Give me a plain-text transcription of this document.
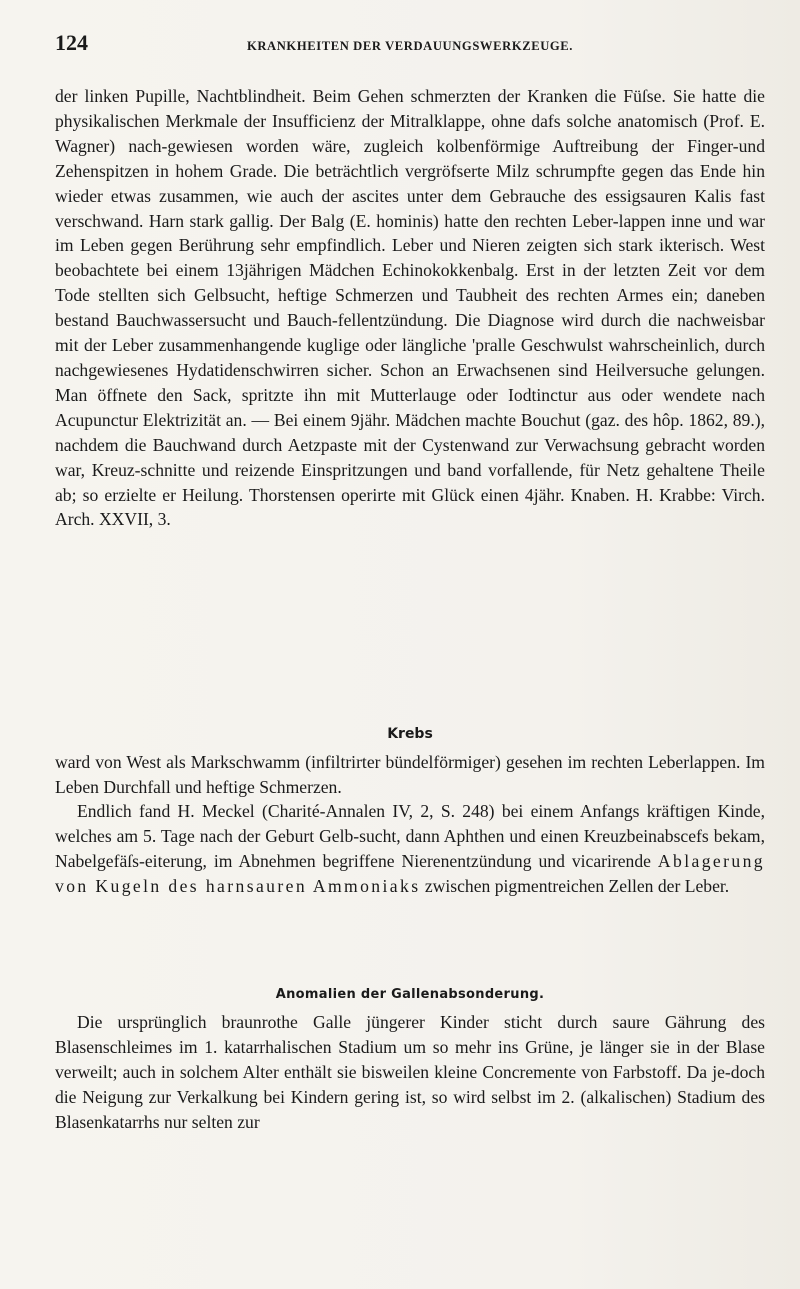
124	KRANKHEITEN DER VERDAUUNGSWERKZEUGE.

der linken Pupille, Nachtblindheit. Beim Gehen schmerzten der Kranken die Füſse. Sie hatte die physikalischen Merkmale der Insufficienz der Mitralklappe, ohne dafs solche anatomisch (Prof. E. Wagner) nach-gewiesen worden wäre, zugleich kolbenförmige Auftreibung der Finger-und Zehenspitzen in hohem Grade. Die beträchtlich vergröfserte Milz schrumpfte gegen das Ende hin wieder etwas zusammen, wie auch der ascites unter dem Gebrauche des essigsauren Kalis fast verschwand. Harn stark gallig. Der Balg (E. hominis) hatte den rechten Leber-lappen inne und war im Leben gegen Berührung sehr empfindlich. Leber und Nieren zeigten sich stark ikterisch. West beobachtete bei einem 13jährigen Mädchen Echinokokkenbalg. Erst in der letzten Zeit vor dem Tode stellten sich Gelbsucht, heftige Schmerzen und Taubheit des rechten Armes ein; daneben bestand Bauchwassersucht und Bauch-fellentzündung. Die Diagnose wird durch die nachweisbar mit der Leber zusammenhangende kuglige oder längliche 'pralle Geschwulst wahrscheinlich, durch nachgewiesenes Hydatidenschwirren sicher. Schon an Erwachsenen sind Heilversuche gelungen. Man öffnete den Sack, spritzte ihn mit Mutterlauge oder Iodtinctur aus oder wendete nach Acupunctur Elektrizität an. — Bei einem 9jähr. Mädchen machte Bouchut (gaz. des hôp. 1862, 89.), nachdem die Bauchwand durch Aetzpaste mit der Cystenwand zur Verwachsung gebracht worden war, Kreuz-schnitte und reizende Einspritzungen und band vorfallende, für Netz gehaltene Theile ab; so erzielte er Heilung. Thorstensen operirte mit Glück einen 4jähr. Knaben. H. Krabbe: Virch. Arch. XXVII, 3.

Krebs

ward von West als Markschwamm (infiltrirter bündelförmiger) gesehen im rechten Leberlappen. Im Leben Durchfall und heftige Schmerzen.

Endlich fand H. Meckel (Charité-Annalen IV, 2, S. 248) bei einem Anfangs kräftigen Kinde, welches am 5. Tage nach der Geburt Gelb-sucht, dann Aphthen und einen Kreuzbeinabscefs bekam, Nabelgefäſs-eiterung, im Abnehmen begriffene Nierenentzündung und vicarirende Ablagerung von Kugeln des harnsauren Ammoniaks zwischen pigmentreichen Zellen der Leber.

Anomalien der Gallenabsonderung.

Die ursprünglich braunrothe Galle jüngerer Kinder sticht durch saure Gährung des Blasenschleimes im 1. katarrhalischen Stadium um so mehr ins Grüne, je länger sie in der Blase verweilt; auch in solchem Alter enthält sie bisweilen kleine Concremente von Farbstoff. Da je-doch die Neigung zur Verkalkung bei Kindern gering ist, so wird selbst im 2. (alkalischen) Stadium des Blasenkatarrhs nur selten zur
